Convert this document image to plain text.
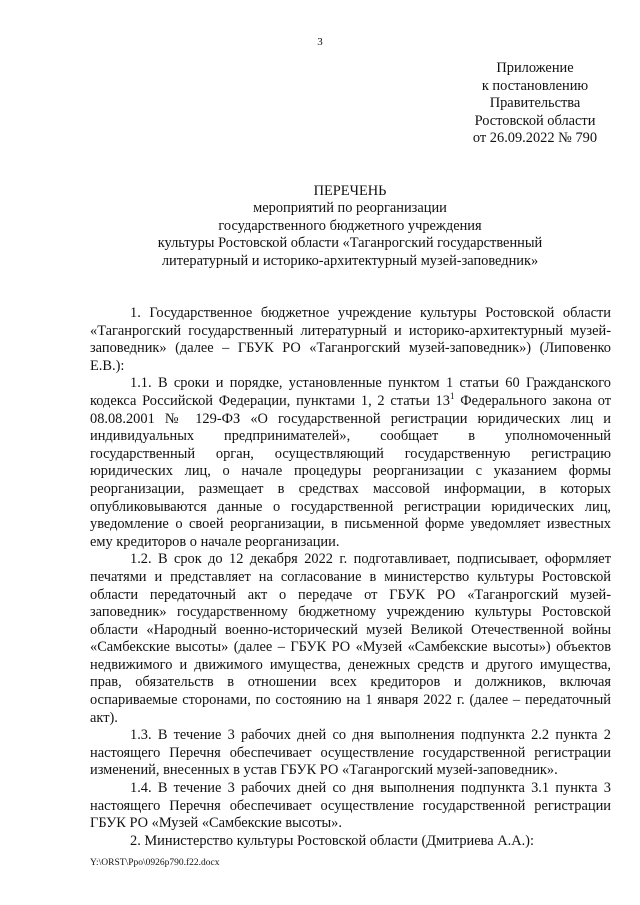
3
Приложение
к постановлению
Правительства
Ростовской области
от 26.09.2022 № 790
ПЕРЕЧЕНЬ
мероприятий по реорганизации
государственного бюджетного учреждения
культуры Ростовской области «Таганрогский государственный
литературный и историко-архитектурный музей-заповедник»

1. Государственное бюджетное учреждение культуры Ростовской области «Таганрогский государственный литературный и историко-архитектурный музей-заповедник» (далее – ГБУК РО «Таганрогский музей-заповедник») (Липовенко Е.В.):

1.1. В сроки и порядке, установленные пунктом 1 статьи 60 Гражданского кодекса Российской Федерации, пунктами 1, 2 статьи $13^1$ Федерального закона от 08.08.2001 № 129-ФЗ «О государственной регистрации юридических лиц и индивидуальных предпринимателей», сообщает в уполномоченный государственный орган, осуществляющий государственную регистрацию юридических лиц, о начале процедуры реорганизации с указанием формы реорганизации, размещает в средствах массовой информации, в которых опубликовываются данные о государственной регистрации юридических лиц, уведомление о своей реорганизации, в письменной форме уведомляет известных ему кредиторов о начале реорганизации.

1.2. В срок до 12 декабря 2022 г. подготавливает, подписывает, оформляет печатями и представляет на согласование в министерство культуры Ростовской области передаточный акт о передаче от ГБУК РО «Таганрогский музей-заповедник» государственному бюджетному учреждению культуры Ростовской области «Народный военно-исторический музей Великой Отечественной войны «Самбекские высоты» (далее – ГБУК РО «Музей «Самбекские высоты») объектов недвижимого и движимого имущества, денежных средств и другого имущества, прав, обязательств в отношении всех кредиторов и должников, включая оспариваемые сторонами, по состоянию на 1 января 2022 г. (далее – передаточный акт).

1.3. В течение 3 рабочих дней со дня выполнения подпункта 2.2 пункта 2 настоящего Перечня обеспечивает осуществление государственной регистрации изменений, внесенных в устав ГБУК РО «Таганрогский музей-заповедник».

1.4. В течение 3 рабочих дней со дня выполнения подпункта 3.1 пункта 3 настоящего Перечня обеспечивает осуществление государственной регистрации ГБУК РО «Музей «Самбекские высоты».

2. Министерство культуры Ростовской области (Дмитриева А.А.):

Y:\ORST\Ppo\0926p790.f22.docx
